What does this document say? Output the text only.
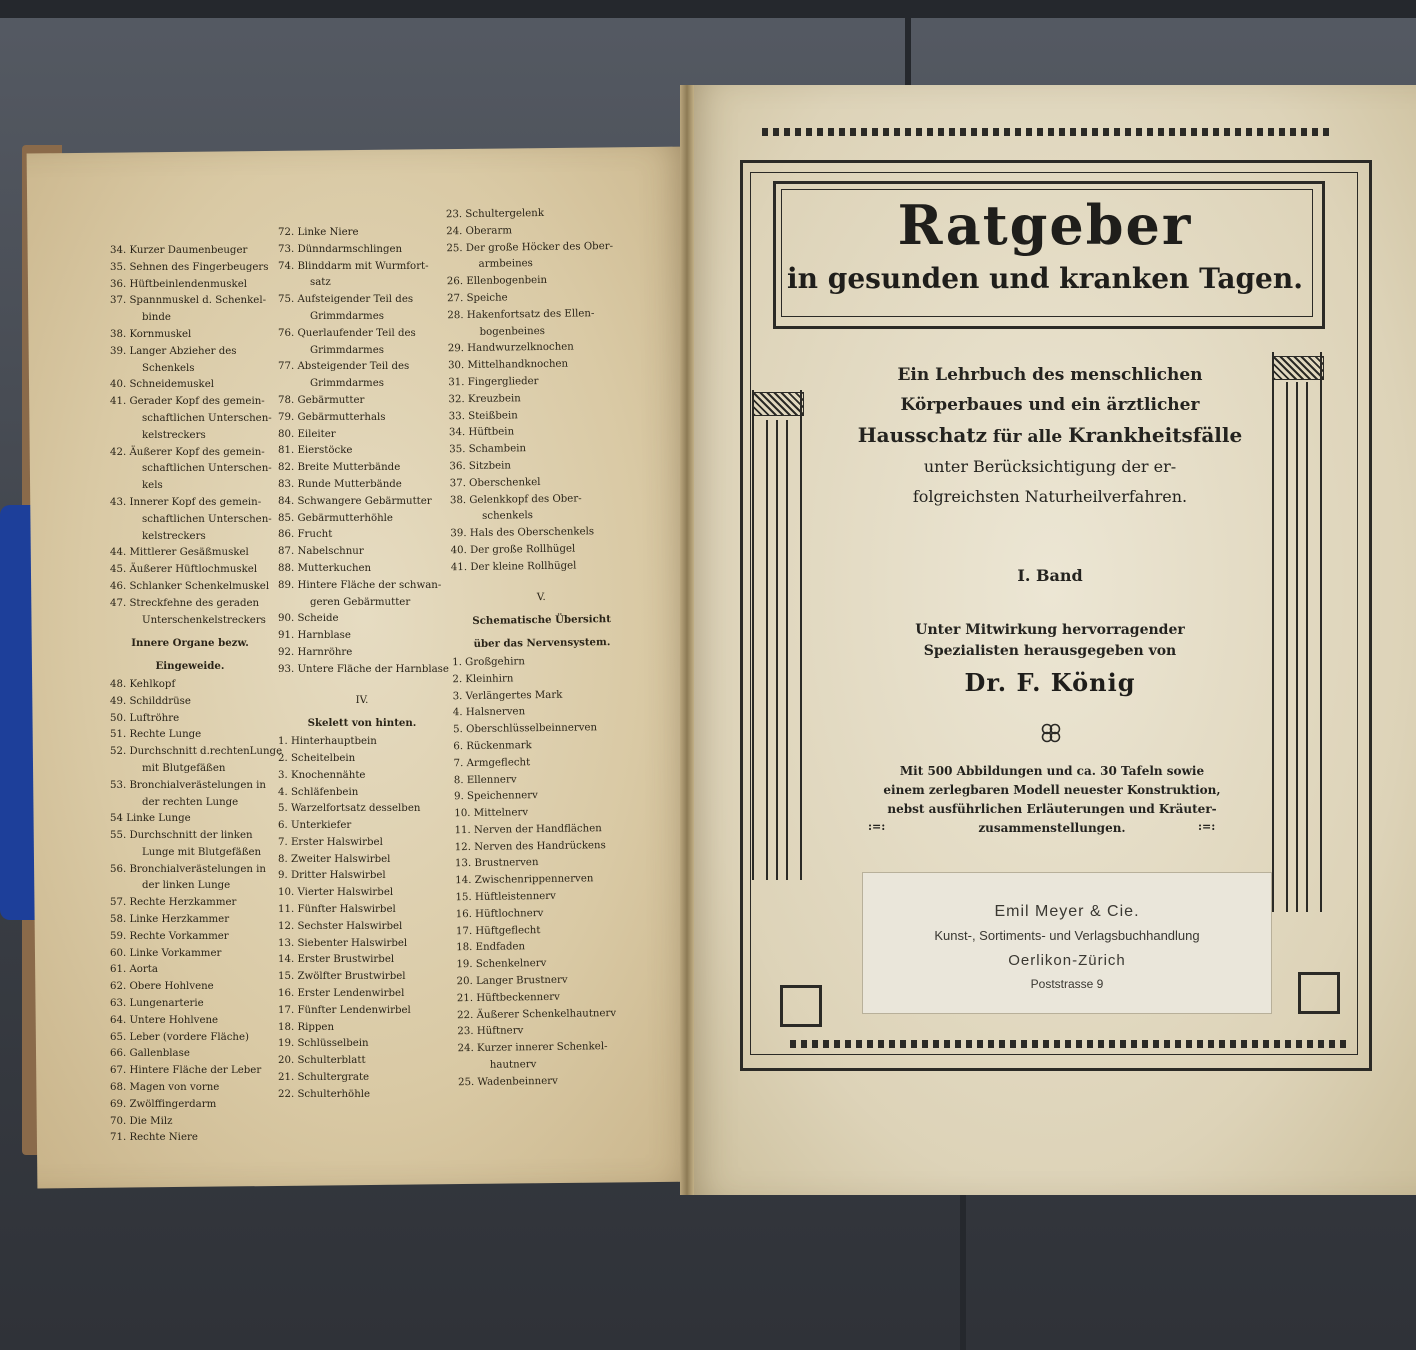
34. Kurzer Daumenbeuger
35. Sehnen des Fingerbeugers
36. Hüftbeinlendenmuskel
37. Spannmuskel d. Schenkel-
binde
38. Kornmuskel
39. Langer Abzieher des
Schenkels
40. Schneidemuskel
41. Gerader Kopf des gemein-
schaftlichen Unterschen-
kelstreckers
42. Äußerer Kopf des gemein-
schaftlichen Unterschen-
kels
43. Innerer Kopf des gemein-
schaftlichen Unterschen-
kelstreckers
44. Mittlerer Gesäßmuskel
45. Äußerer Hüftlochmuskel
46. Schlanker Schenkelmuskel
47. Streckfehne des geraden
Unterschenkelstreckers
Innere Organe bezw.
Eingeweide.
48. Kehlkopf
49. Schilddrüse
50. Luftröhre
51. Rechte Lunge
52. Durchschnitt d.rechtenLunge
mit Blutgefäßen
53. Bronchialverästelungen in
der rechten Lunge
54 Linke Lunge
55. Durchschnitt der linken
Lunge mit Blutgefäßen
56. Bronchialverästelungen in
der linken Lunge
57. Rechte Herzkammer
58. Linke Herzkammer
59. Rechte Vorkammer
60. Linke Vorkammer
61. Aorta
62. Obere Hohlvene
63. Lungenarterie
64. Untere Hohlvene
65. Leber (vordere Fläche)
66. Gallenblase
67. Hintere Fläche der Leber
68. Magen von vorne
69. Zwölffingerdarm
70. Die Milz
71. Rechte Niere
72. Linke Niere
73. Dünndarmschlingen
74. Blinddarm mit Wurmfort-
satz
75. Aufsteigender Teil des
Grimmdarmes
76. Querlaufender Teil des
Grimmdarmes
77. Absteigender Teil des
Grimmdarmes
78. Gebärmutter
79. Gebärmutterhals
80. Eileiter
81. Eierstöcke
82. Breite Mutterbände
83. Runde Mutterbände
84. Schwangere Gebärmutter
85. Gebärmutterhöhle
86. Frucht
87. Nabelschnur
88. Mutterkuchen
89. Hintere Fläche der schwan-
geren Gebärmutter
90. Scheide
91. Harnblase
92. Harnröhre
93. Untere Fläche der Harnblase
IV.
Skelett von hinten.
1. Hinterhauptbein
2. Scheitelbein
3. Knochennähte
4. Schläfenbein
5. Warzelfortsatz desselben
6. Unterkiefer
7. Erster Halswirbel
8. Zweiter Halswirbel
9. Dritter Halswirbel
10. Vierter Halswirbel
11. Fünfter Halswirbel
12. Sechster Halswirbel
13. Siebenter Halswirbel
14. Erster Brustwirbel
15. Zwölfter Brustwirbel
16. Erster Lendenwirbel
17. Fünfter Lendenwirbel
18. Rippen
19. Schlüsselbein
20. Schulterblatt
21. Schultergrate
22. Schulterhöhle
23. Schultergelenk
24. Oberarm
25. Der große Höcker des Ober-
armbeines
26. Ellenbogenbein
27. Speiche
28. Hakenfortsatz des Ellen-
bogenbeines
29. Handwurzelknochen
30. Mittelhandknochen
31. Fingerglieder
32. Kreuzbein
33. Steißbein
34. Hüftbein
35. Schambein
36. Sitzbein
37. Oberschenkel
38. Gelenkkopf des Ober-
schenkels
39. Hals des Oberschenkels
40. Der große Rollhügel
41. Der kleine Rollhügel
V.
Schematische Übersicht
über das Nervensystem.
1. Großgehirn
2. Kleinhirn
3. Verlängertes Mark
4. Halsnerven
5. Oberschlüsselbeinnerven
6. Rückenmark
7. Armgeflecht
8. Ellennerv
9. Speichennerv
10. Mittelnerv
11. Nerven der Handflächen
12. Nerven des Handrückens
13. Brustnerven
14. Zwischenrippennerven
15. Hüftleistennerv
16. Hüftlochnerv
17. Hüftgeflecht
18. Endfaden
19. Schenkelnerv
20. Langer Brustnerv
21. Hüftbeckennerv
22. Äußerer Schenkelhautnerv
23. Hüftnerv
24. Kurzer innerer Schenkel-
hautnerv
25. Wadenbeinnerv
Ratgeber
in gesunden und kranken Tagen.
Ein Lehrbuch des menschlichen
Körperbaues und ein ärztlicher
Hausschatz für alle Krankheitsfälle
unter Berücksichtigung der er-
folgreichsten Naturheilverfahren.
I. Band
Unter Mitwirkung hervorragender
Spezialisten herausgegeben von
Dr. F. König
Mit 500 Abbildungen und ca. 30 Tafeln sowie
einem zerlegbaren Modell neuester Konstruktion,
nebst ausführlichen Erläuterungen und Kräuter-
zusammenstellungen.
:=:	:=:
Emil Meyer & Cie.
Kunst-, Sortiments- und Verlagsbuchhandlung
Oerlikon-Zürich
Poststrasse 9
